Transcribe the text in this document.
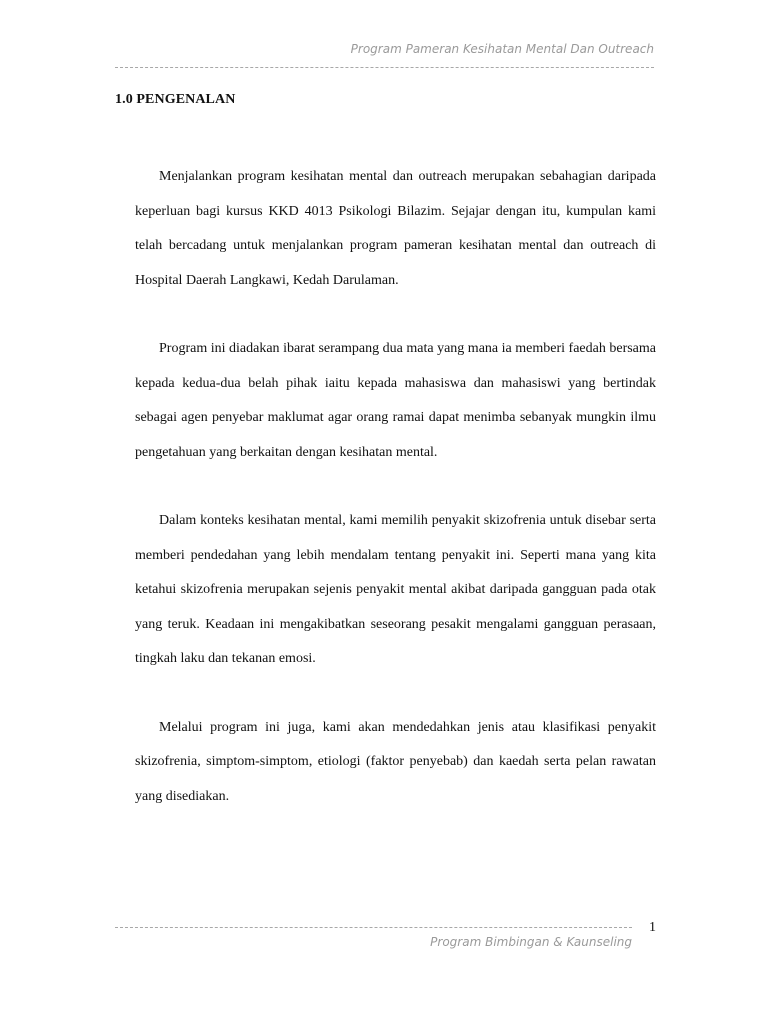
Program Pameran Kesihatan Mental Dan Outreach
1.0 PENGENALAN

Menjalankan program kesihatan mental dan outreach merupakan sebahagian daripada keperluan bagi kursus KKD 4013 Psikologi Bilazim. Sejajar dengan itu, kumpulan kami telah bercadang untuk menjalankan program pameran kesihatan mental dan outreach di Hospital Daerah Langkawi, Kedah Darulaman.

Program ini diadakan ibarat serampang dua mata yang mana ia memberi faedah bersama kepada kedua-dua belah pihak iaitu kepada mahasiswa dan mahasiswi yang bertindak sebagai agen penyebar maklumat agar orang ramai dapat menimba sebanyak mungkin ilmu pengetahuan yang berkaitan dengan kesihatan mental.

Dalam konteks kesihatan mental, kami memilih penyakit skizofrenia untuk disebar serta memberi pendedahan yang lebih mendalam tentang penyakit ini. Seperti mana yang kita ketahui skizofrenia merupakan sejenis penyakit mental akibat daripada gangguan pada otak yang teruk. Keadaan ini mengakibatkan seseorang pesakit mengalami gangguan perasaan, tingkah laku dan tekanan emosi.

Melalui program ini juga, kami akan mendedahkan jenis atau klasifikasi penyakit skizofrenia, simptom-simptom, etiologi (faktor penyebab) dan kaedah serta pelan rawatan yang disediakan.

1
Program Bimbingan & Kaunseling
